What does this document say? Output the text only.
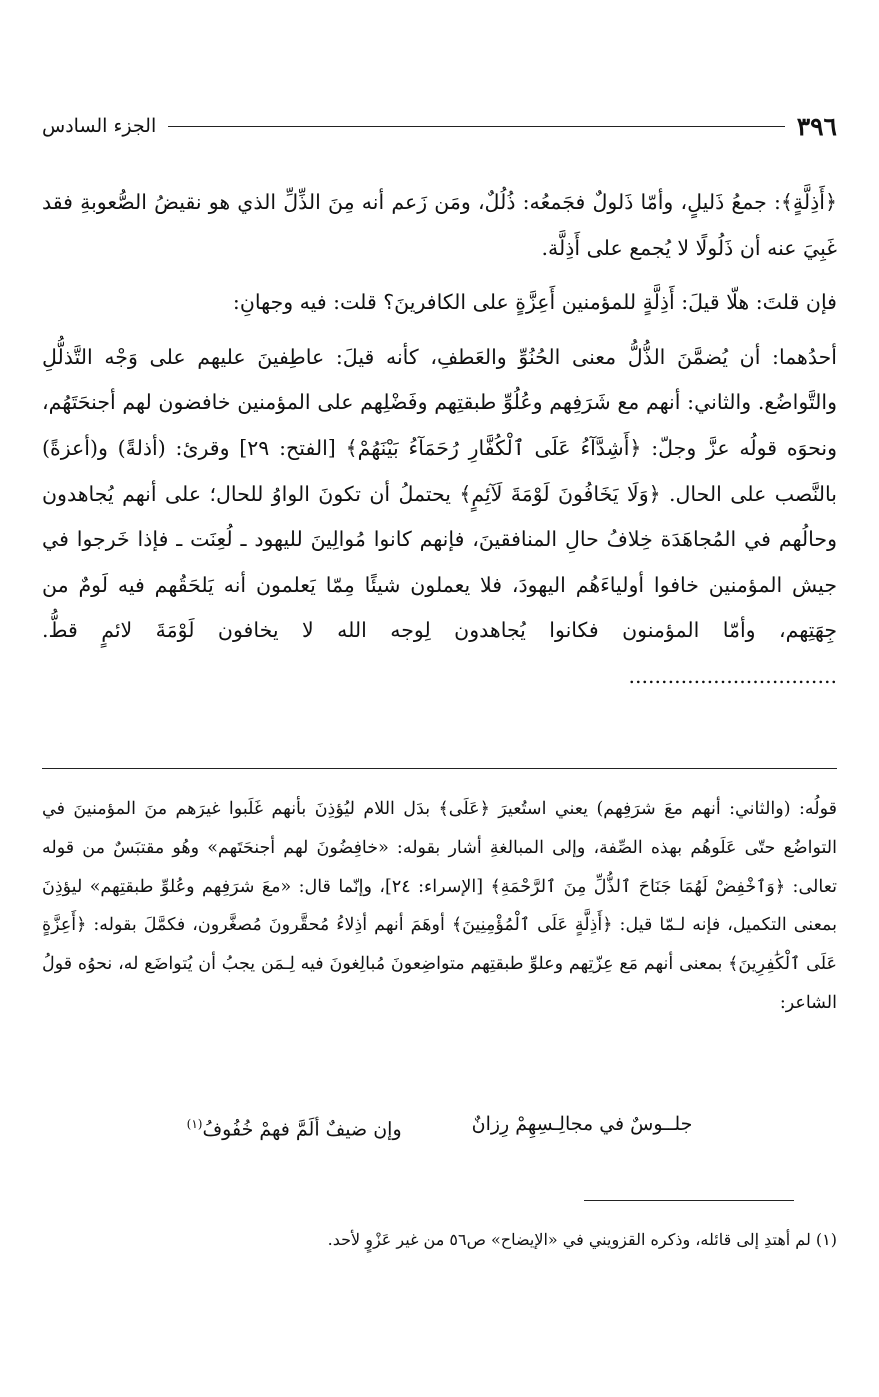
٣٩٦
الجزء السادس

﴿أَذِلَّةٍ﴾: جمعُ ذَليلٍ، وأمّا ذَلولٌ فجَمعُه: ذُلُلٌ، ومَن زَعم أنه مِنَ الذِّلِّ الذي هو نقيضُ الصُّعوبةِ فقد غَبِيَ عنه أن ذَلُولًا لا يُجمع على أَذِلَّة.

فإن قلتَ: هلّا قيلَ: أَذِلَّةٍ للمؤمنين أَعِزَّةٍ على الكافرينَ؟ قلت: فيه وجهانِ:

أحدُهما: أن يُضمَّنَ الذُّلُّ معنى الحُنُوِّ والعَطفِ، كأنه قيلَ: عاطِفينَ عليهم على وَجْه التَّذلُّلِ والتَّواضُع. والثاني: أنهم مع شَرَفِهم وعُلُوِّ طبقتِهم وفَضْلِهم على المؤمنين خافضون لهم أجنحَتَهُم، ونحوَه قولُه عزَّ وجلّ: ﴿أَشِدَّآءُ عَلَى ٱلْكُفَّارِ رُحَمَآءُ بَيْنَهُمْ﴾ [الفتح: ٢٩] وقرئ: (أذلةً) و(أعزةً) بالنَّصب على الحال. ﴿وَلَا يَخَافُونَ لَوْمَةَ لَآئِمٍ﴾ يحتملُ أن تكونَ الواوُ للحال؛ على أنهم يُجاهدون وحالُهم في المُجاهَدَة خِلافُ حالِ المنافقينَ، فإنهم كانوا مُوالِينَ لليهود ـ لُعِنَت ـ فإذا خَرجوا في جيش المؤمنين خافوا أولياءَهُم اليهودَ، فلا يعملون شيئًا مِمّا يَعلمون أنه يَلحَقُهم فيه لَومٌ من جِهَتِهم، وأمّا المؤمنون فكانوا يُجاهدون لِوجه الله لا يخافون لَوْمَةَ لائمٍ قطُّ. ................................

قولُه: (والثاني: أنهم معَ شرَفِهم) يعني استُعيرَ ﴿عَلَى﴾ بدَل اللام ليُؤذِنَ بأنهم غَلَبوا غيرَهم منَ المؤمنينَ في التواضُع حتّى عَلَوهُم بهذه الصِّفة، وإلى المبالغةِ أشار بقوله: «خافِضُونَ لهم أجنحَتَهم» وهُو مقتبَسٌ من قوله تعالى: ﴿وَٱخْفِضْ لَهُمَا جَنَاحَ ٱلذُّلِّ مِنَ ٱلرَّحْمَةِ﴾ [الإسراء: ٢٤]، وإنّما قال: «معَ شرَفِهم وعُلوِّ طبقتِهم» ليؤذِنَ بمعنى التكميل، فإنه لـمّا قيل: ﴿أَذِلَّةٍ عَلَى ٱلْمُؤْمِنِينَ﴾ أوهَمَ أنهم أذِلاءُ مُحقَّرونَ مُصغَّرون، فكمَّلَ بقوله: ﴿أَعِزَّةٍ عَلَى ٱلْكَٰفِرِينَ﴾ بمعنى أنهم مَع عِزّتِهم وعلوِّ طبقتِهم متواضِعونَ مُبالِغونَ فيه لِـمَن يجبُ أن يُتواضَع له، نحوُه قولُ الشاعر:

جلــوسٌ في مجالِـسِهِمْ رِزانٌ
وإن ضيفٌ ألَمَّ فهمْ خُفُوفُ$^{(١)}$
(١) لم أهتدِ إلى قائله، وذكره القزويني في «الإيضاح» ص٥٦ من غير عَزْوٍ لأحد.
